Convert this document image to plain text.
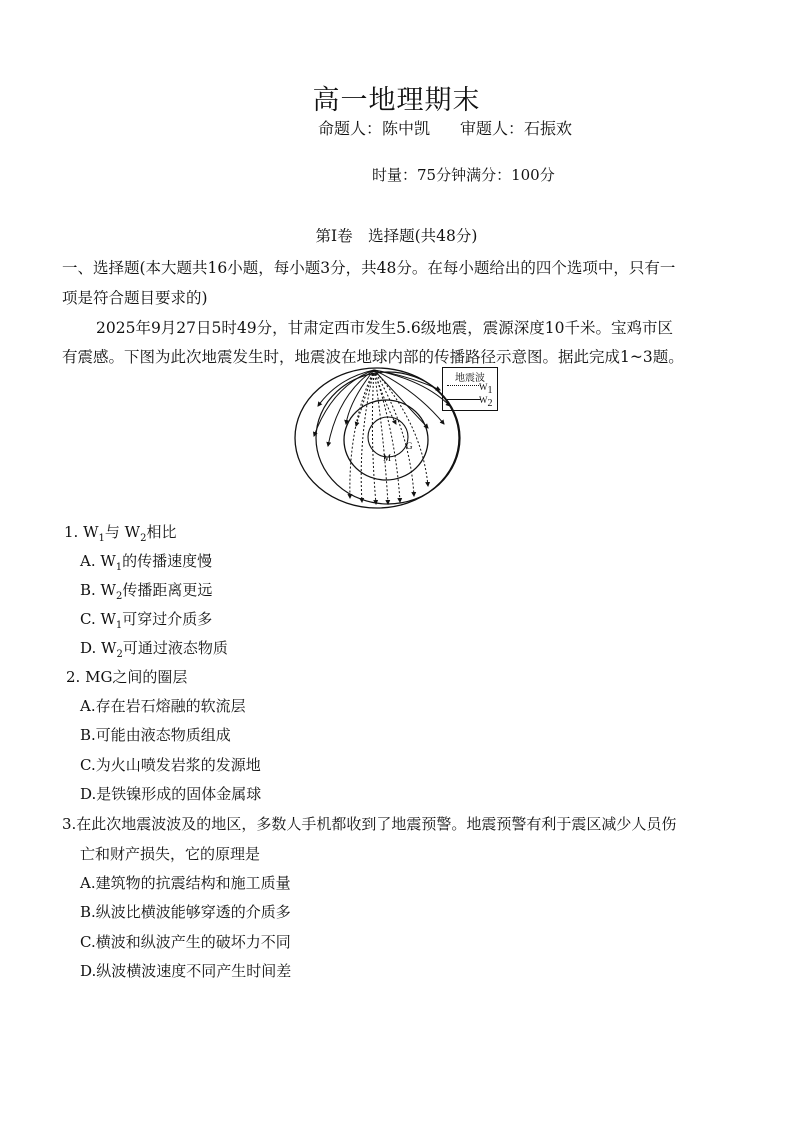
高一地理期末
命题人：陈中凯 审题人：石振欢
时量：75分钟满分：100分
第Ⅰ卷　选择题(共48分)
一、选择题(本大题共16小题，每小题3分，共48分。在每小题给出的四个选项中，只有一
项是符合题目要求的)
2025年9月27日5时49分，甘肃定西市发生5.6级地震，震源深度10千米。宝鸡市区
有震感。下图为此次地震发生时，地震波在地球内部的传播路径示意图。据此完成1~3题。
M
G
地震波
$W_1$
$W_2$
1. $W_1$与 $W_2$相比
A. $W_1$的传播速度慢
B. $W_2$传播距离更远
C. $W_1$可穿过介质多
D. $W_2$可通过液态物质
2. MG之间的圈层
A.存在岩石熔融的软流层
B.可能由液态物质组成
C.为火山喷发岩浆的发源地
D.是铁镍形成的固体金属球
3.在此次地震波波及的地区，多数人手机都收到了地震预警。地震预警有利于震区减少人员伤
亡和财产损失，它的原理是
A.建筑物的抗震结构和施工质量
B.纵波比横波能够穿透的介质多
C.横波和纵波产生的破坏力不同
D.纵波横波速度不同产生时间差
